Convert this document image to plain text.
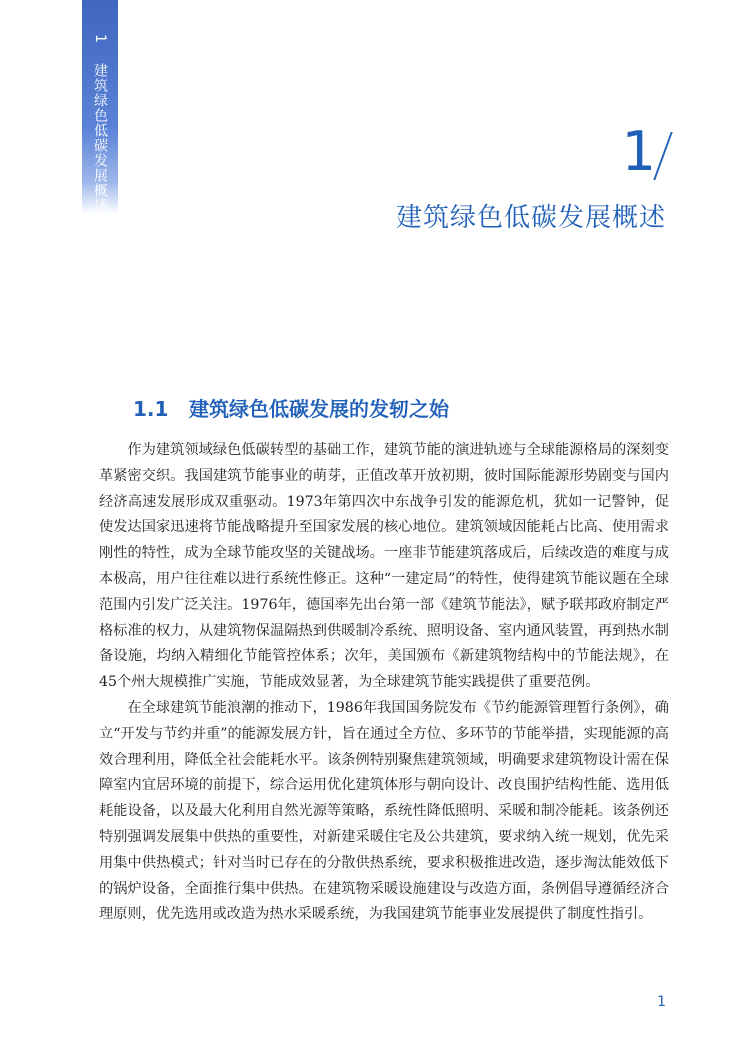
1 建筑绿色低碳发展概述	1
建筑绿色低碳发展概述
1.1 建筑绿色低碳发展的发轫之始

作为建筑领域绿色低碳转型的基础工作，建筑节能的演进轨迹与全球能源格局的深刻变革紧密交织。我国建筑节能事业的萌芽，正值改革开放初期，彼时国际能源形势剧变与国内经济高速发展形成双重驱动。1973年第四次中东战争引发的能源危机，犹如一记警钟，促使发达国家迅速将节能战略提升至国家发展的核心地位。建筑领域因能耗占比高、使用需求刚性的特性，成为全球节能攻坚的关键战场。一座非节能建筑落成后，后续改造的难度与成本极高，用户往往难以进行系统性修正。这种“一建定局”的特性，使得建筑节能议题在全球范围内引发广泛关注。1976年，德国率先出台第一部《建筑节能法》，赋予联邦政府制定严格标准的权力，从建筑物保温隔热到供暖制冷系统、照明设备、室内通风装置，再到热水制备设施，均纳入精细化节能管控体系；次年，美国颁布《新建筑物结构中的节能法规》，在45个州大规模推广实施，节能成效显著，为全球建筑节能实践提供了重要范例。

在全球建筑节能浪潮的推动下，1986年我国国务院发布《节约能源管理暂行条例》，确立“开发与节约并重”的能源发展方针，旨在通过全方位、多环节的节能举措，实现能源的高效合理利用，降低全社会能耗水平。该条例特别聚焦建筑领域，明确要求建筑物设计需在保障室内宜居环境的前提下，综合运用优化建筑体形与朝向设计、改良围护结构性能、选用低耗能设备，以及最大化利用自然光源等策略，系统性降低照明、采暖和制冷能耗。该条例还特别强调发展集中供热的重要性，对新建采暖住宅及公共建筑，要求纳入统一规划，优先采用集中供热模式；针对当时已存在的分散供热系统，要求积极推进改造，逐步淘汰能效低下的锅炉设备，全面推行集中供热。在建筑物采暖设施建设与改造方面，条例倡导遵循经济合理原则，优先选用或改造为热水采暖系统，为我国建筑节能事业发展提供了制度性指引。

1
